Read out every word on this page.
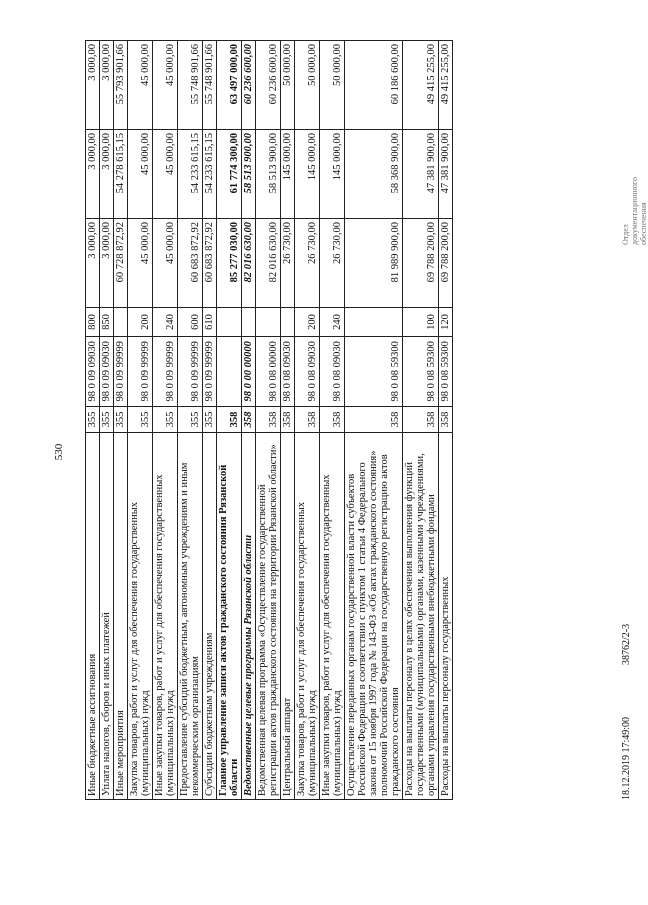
530
Иные бюджетные ассигнования	355	98 0 09 09030	800	3 000,00	3 000,00	3 000,00
Уплата налогов, сборов и иных платежей	355	98 0 09 09030	850	3 000,00	3 000,00	3 000,00
Иные мероприятия	355	98 0 09 99999		60 728 872,92	54 278 615,15	55 793 901,66
Закупка товаров, работ и услуг для обеспечения государственных (муниципальных) нужд	355	98 0 09 99999	200	45 000,00	45 000,00	45 000,00
Иные закупки товаров, работ и услуг для обеспечения государственных (муниципальных) нужд	355	98 0 09 99999	240	45 000,00	45 000,00	45 000,00
Предоставление субсидий бюджетным, автономным учреждениям и иным некоммерческим организациям	355	98 0 09 99999	600	60 683 872,92	54 233 615,15	55 748 901,66
Субсидии бюджетным учреждениям	355	98 0 09 99999	610	60 683 872,92	54 233 615,15	55 748 901,66
Главное управление записи актов гражданского состояния Рязанской области	358			85 277 030,00	61 774 300,00	63 497 000,00
Ведомственные целевые программы Рязанской области	358	98 0 00 00000		82 016 630,00	58 513 900,00	60 236 600,00
Ведомственная целевая программа «Осуществление государственной регистрации актов гражданского состояния на территории Рязанской области»	358	98 0 08 00000		82 016 630,00	58 513 900,00	60 236 600,00
Центральный аппарат	358	98 0 08 09030		26 730,00	145 000,00	50 000,00
Закупка товаров, работ и услуг для обеспечения государственных (муниципальных) нужд	358	98 0 08 09030	200	26 730,00	145 000,00	50 000,00
Иные закупки товаров, работ и услуг для обеспечения государственных (муниципальных) нужд	358	98 0 08 09030	240	26 730,00	145 000,00	50 000,00
Осуществление переданных органам государственной власти субъектов Российской Федерации в соответствии с пунктом 1 статьи 4 Федерального закона от 15 ноября 1997 года № 143-ФЗ «Об актах гражданского состояния» полномочий Российской Федерации на государственную регистрацию актов гражданского состояния	358	98 0 08 59300		81 989 900,00	58 368 900,00	60 186 600,00
Расходы на выплаты персоналу в целях обеспечения выполнения функций государственными (муниципальными) органами, казенными учреждениями, органами управления государственными внебюджетными фондами	358	98 0 08 59300	100	69 788 200,00	47 381 900,00	49 415 255,00
Расходы на выплаты персоналу государственных	358	98 0 08 59300	120	69 788 200,00	47 381 900,00	49 415 255,00
18.12.2019 17:49:00
38762/2-3
Отдел документационного обеспечения
